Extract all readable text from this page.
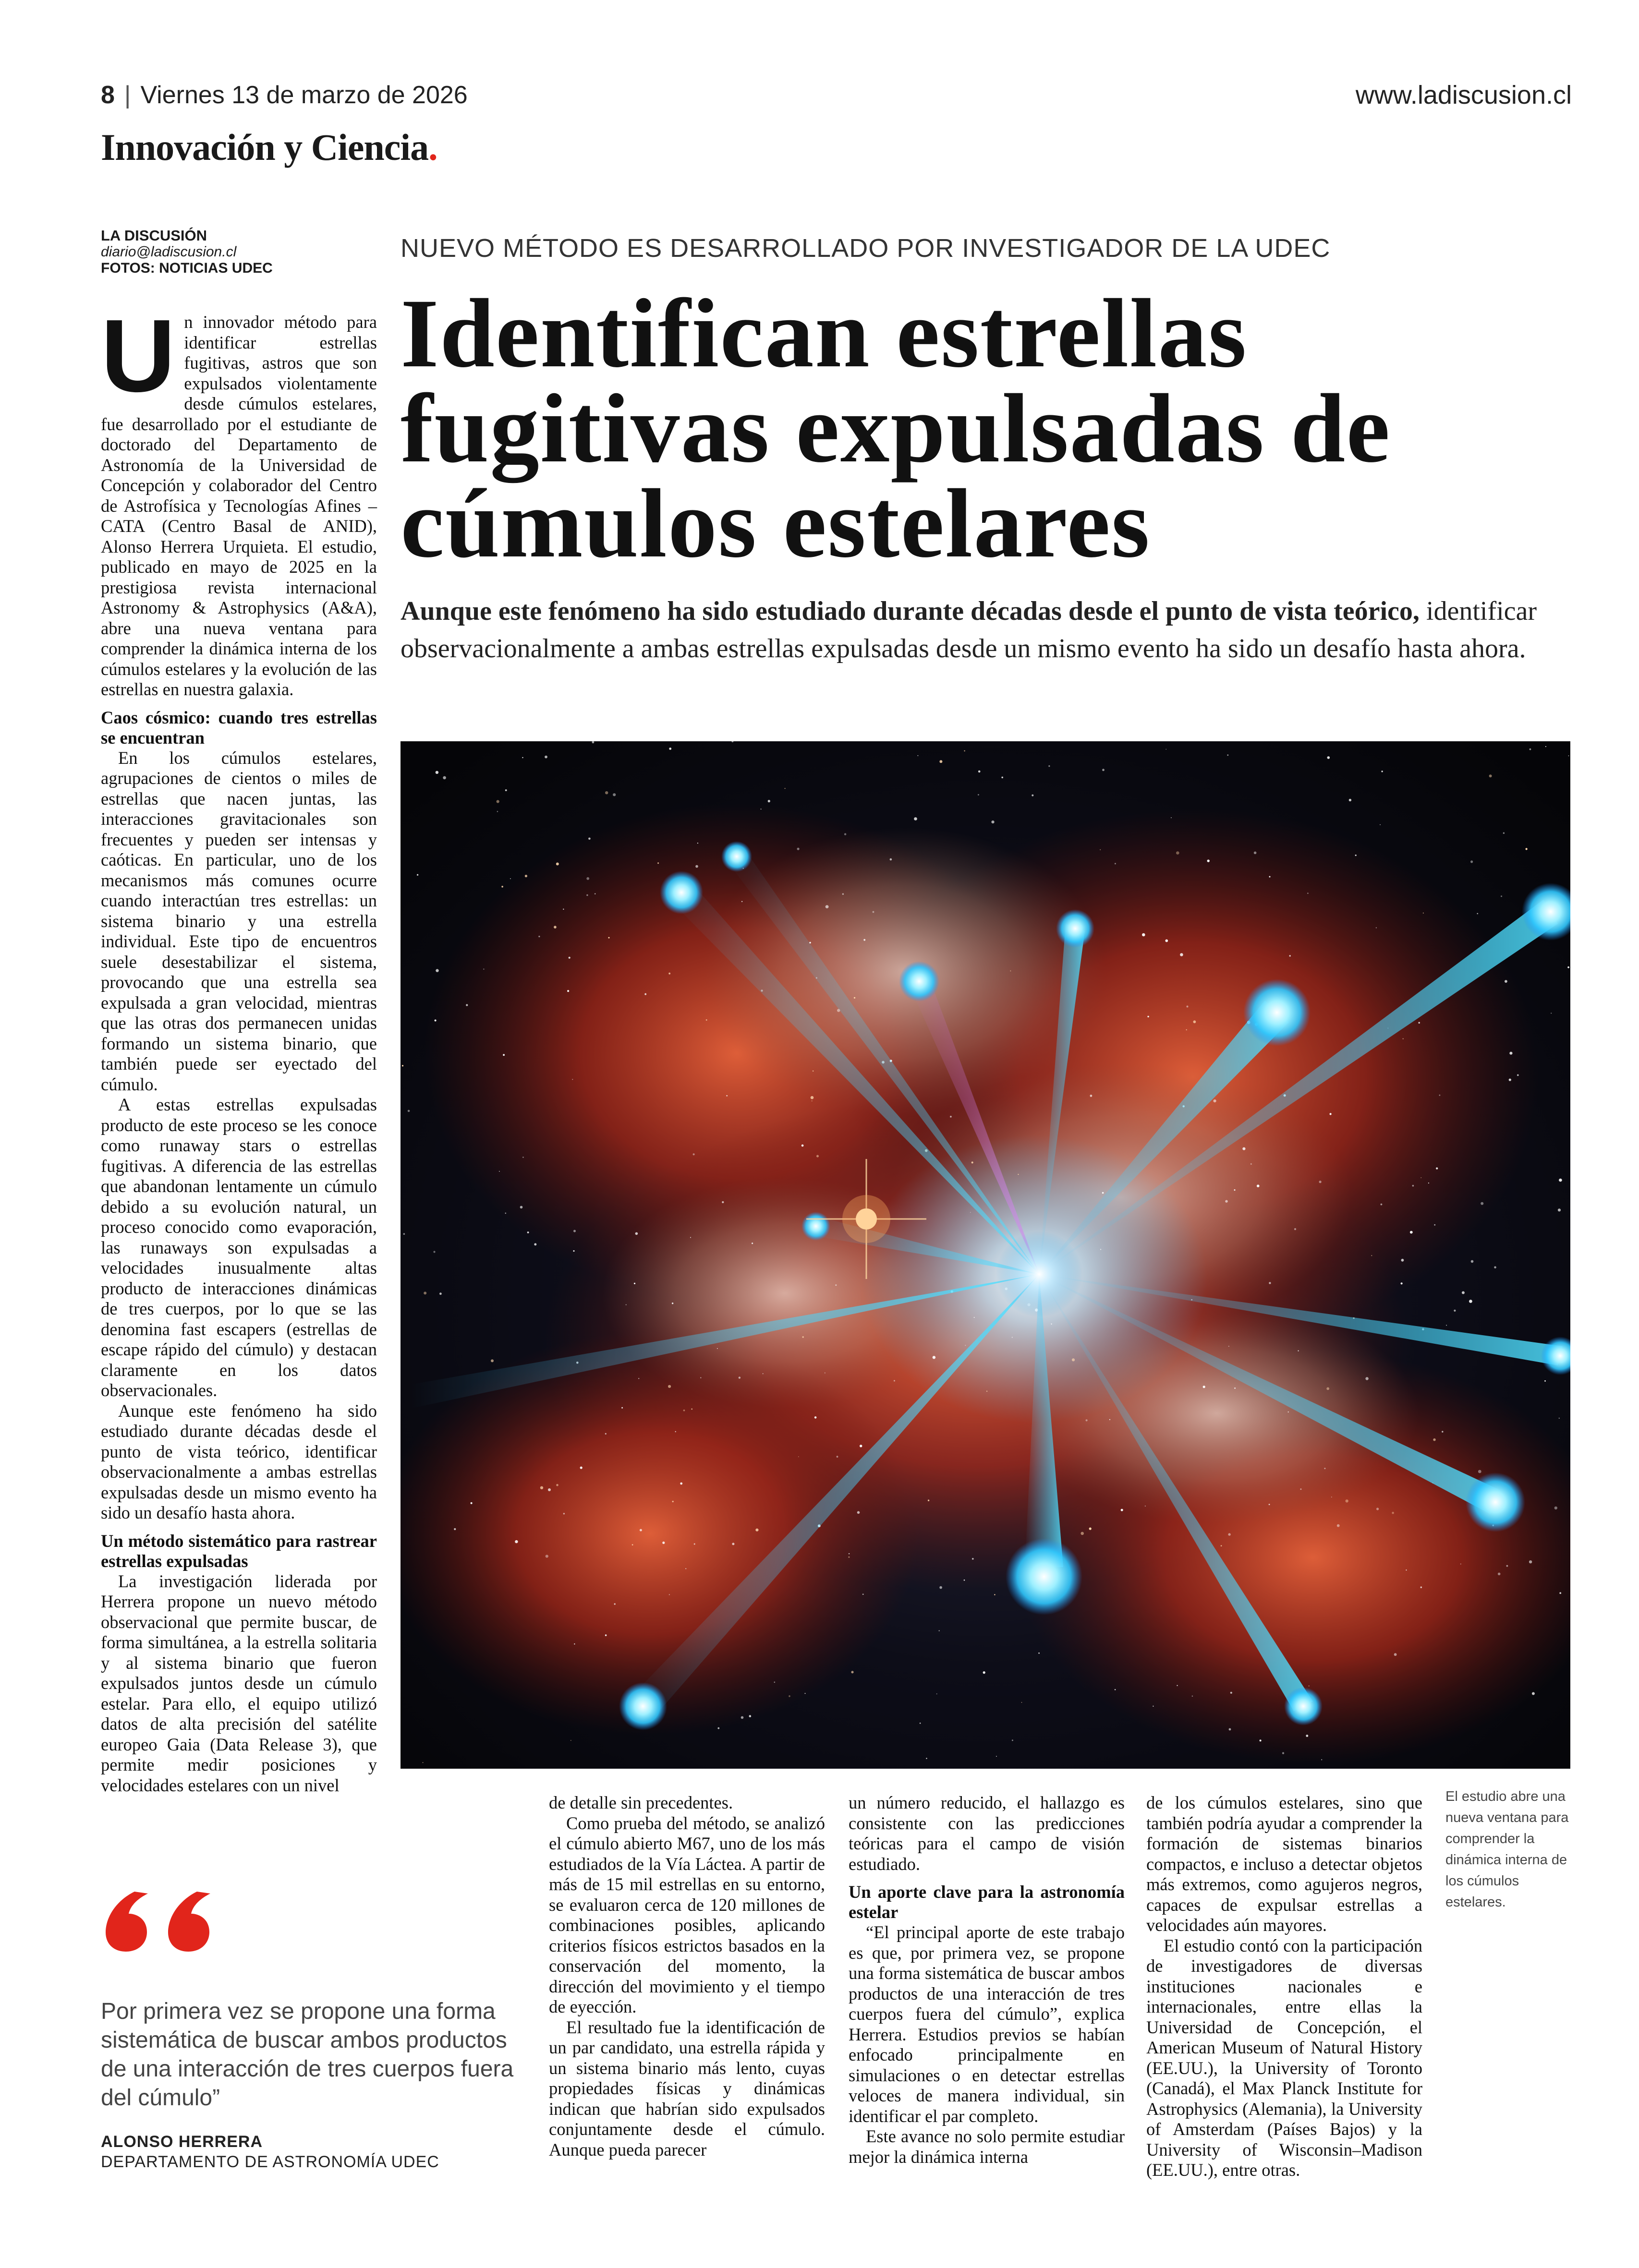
8 | Viernes 13 de marzo de 2026	www.ladiscusion.cl
Innovación y Ciencia.
LA DISCUSIÓN
diario@ladiscusion.cl
FOTOS: NOTICIAS UDEC
NUEVO MÉTODO ES DESARROLLADO POR INVESTIGADOR DE LA UDEC
Identifican estrellas fugitivas expulsadas de cúmulos estelares
Aunque este fenómeno ha sido estudiado durante décadas desde el punto de vista teórico, identificar observacionalmente a ambas estrellas expulsadas desde un mismo evento ha sido un desafío hasta ahora.
El estudio abre una nueva ventana para comprender la dinámica interna de los cúmulos estelares.
U n innovador método para identificar estrellas fugitivas, astros que son expulsados violentamente desde cúmulos estelares, fue desarrollado por el estudiante de doctorado del Departamento de Astronomía de la Universidad de Concepción y colaborador del Centro de Astrofísica y Tecnologías Afines – CATA (Centro Basal de ANID), Alonso Herrera Urquieta. El estudio, publicado en mayo de 2025 en la prestigiosa revista internacional Astronomy & Astrophysics (A&A), abre una nueva ventana para comprender la dinámica interna de los cúmulos estelares y la evolución de las estrellas en nuestra galaxia.

Caos cósmico: cuando tres estrellas se encuentran

En los cúmulos estelares, agrupaciones de cientos o miles de estrellas que nacen juntas, las interacciones gravitacionales son frecuentes y pueden ser intensas y caóticas. En particular, uno de los mecanismos más comunes ocurre cuando interactúan tres estrellas: un sistema binario y una estrella individual. Este tipo de encuentros suele desestabilizar el sistema, provocando que una estrella sea expulsada a gran velocidad, mientras que las otras dos permanecen unidas formando un sistema binario, que también puede ser eyectado del cúmulo.

A estas estrellas expulsadas producto de este proceso se les conoce como runaway stars o estrellas fugitivas. A diferencia de las estrellas que abandonan lentamente un cúmulo debido a su evolución natural, un proceso conocido como evaporación, las runaways son expulsadas a velocidades inusualmente altas producto de interacciones dinámicas de tres cuerpos, por lo que se las denomina fast escapers (estrellas de escape rápido del cúmulo) y destacan claramente en los datos observacionales.

Aunque este fenómeno ha sido estudiado durante décadas desde el punto de vista teórico, identificar observacionalmente a ambas estrellas expulsadas desde un mismo evento ha sido un desafío hasta ahora.

Un método sistemático para rastrear estrellas expulsadas

La investigación liderada por Herrera propone un nuevo método observacional que permite buscar, de forma simultánea, a la estrella solitaria y al sistema binario que fueron expulsados juntos desde un cúmulo estelar. Para ello, el equipo utilizó datos de alta precisión del satélite europeo Gaia (Data Release 3), que permite medir posiciones y velocidades estelares con un nivel

de detalle sin precedentes.

Como prueba del método, se analizó el cúmulo abierto M67, uno de los más estudiados de la Vía Láctea. A partir de más de 15 mil estrellas en su entorno, se evaluaron cerca de 120 millones de combinaciones posibles, aplicando criterios físicos estrictos basados en la conservación del momento, la dirección del movimiento y el tiempo de eyección.

El resultado fue la identificación de un par candidato, una estrella rápida y un sistema binario más lento, cuyas propiedades físicas y dinámicas indican que habrían sido expulsados conjuntamente desde el cúmulo. Aunque pueda parecer

un número reducido, el hallazgo es consistente con las predicciones teóricas para el campo de visión estudiado.

Un aporte clave para la astronomía estelar

“El principal aporte de este trabajo es que, por primera vez, se propone una forma sistemática de buscar ambos productos de una interacción de tres cuerpos fuera del cúmulo”, explica Herrera. Estudios previos se habían enfocado principalmente en simulaciones o en detectar estrellas veloces de manera individual, sin identificar el par completo.

Este avance no solo permite estudiar mejor la dinámica interna

de los cúmulos estelares, sino que también podría ayudar a comprender la formación de sistemas binarios compactos, e incluso a detectar objetos más extremos, como agujeros negros, capaces de expulsar estrellas a velocidades aún mayores.

El estudio contó con la participación de investigadores de diversas instituciones nacionales e internacionales, entre ellas la Universidad de Concepción, el American Museum of Natural History (EE.UU.), la University of Toronto (Canadá), el Max Planck Institute for Astrophysics (Alemania), la University of Amsterdam (Países Bajos) y la University of Wisconsin–Madison (EE.UU.), entre otras.

Por primera vez se propone una forma sistemática de buscar ambos productos de una interacción de tres cuerpos fuera del cúmulo”
ALONSO HERRERA
DEPARTAMENTO DE ASTRONOMÍA UDEC
